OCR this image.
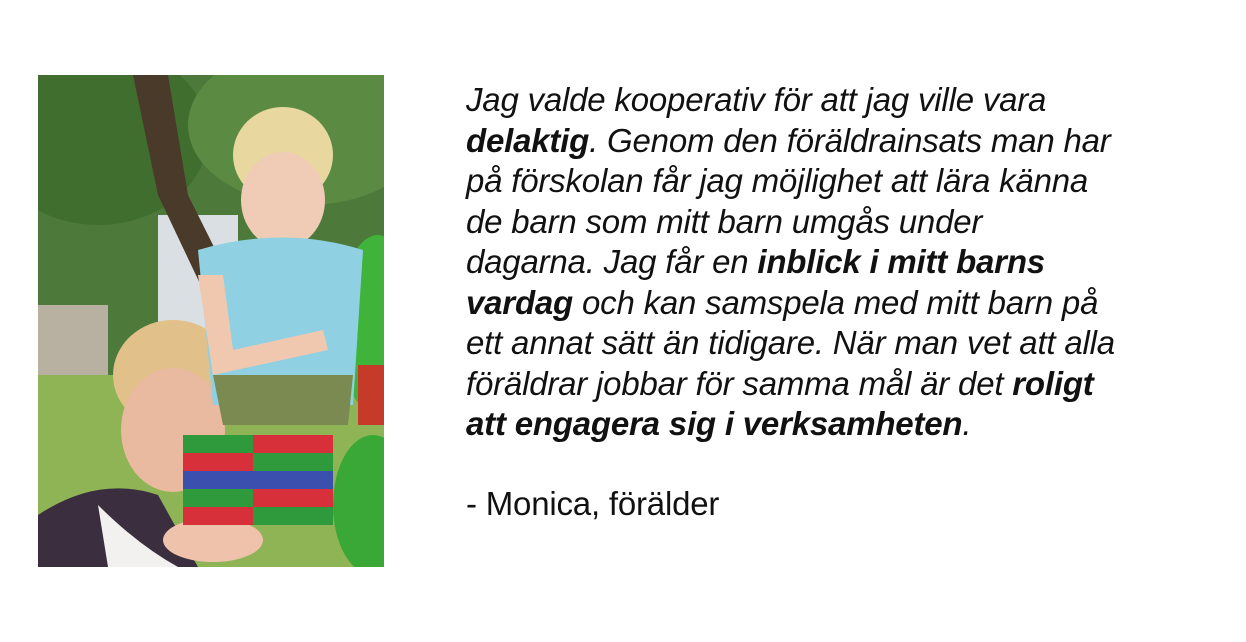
Jag valde kooperativ för att jag ville vara
delaktig. Genom den föräldrainsats man har
på förskolan får jag möjlighet att lära känna
de barn som mitt barn umgås under
dagarna. Jag får en inblick i mitt barns
vardag och kan samspela med mitt barn på
ett annat sätt än tidigare. När man vet att alla
föräldrar jobbar för samma mål är det roligt
att engagera sig i verksamheten.

- Monica, förälder
